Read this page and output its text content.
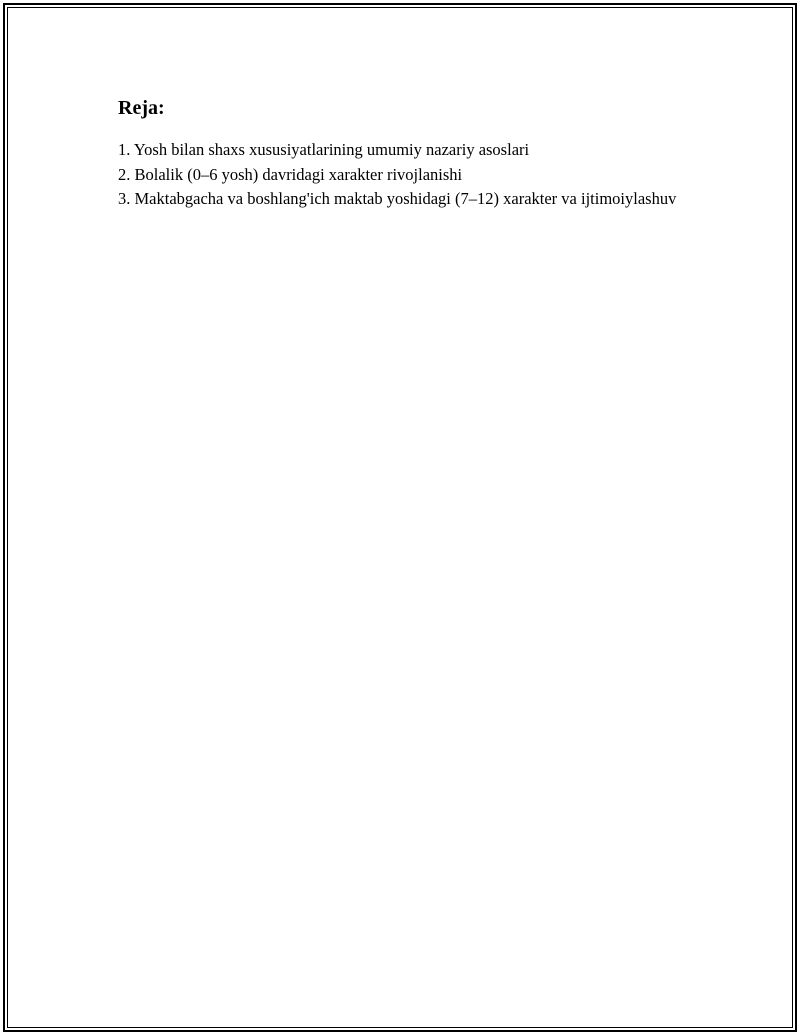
Reja:
1. Yosh bilan shaxs xususiyatlarining umumiy nazariy asoslari
2. Bolalik (0–6 yosh) davridagi xarakter rivojlanishi
3. Maktabgacha va boshlang'ich maktab yoshidagi (7–12) xarakter va ijtimoiylashuv
